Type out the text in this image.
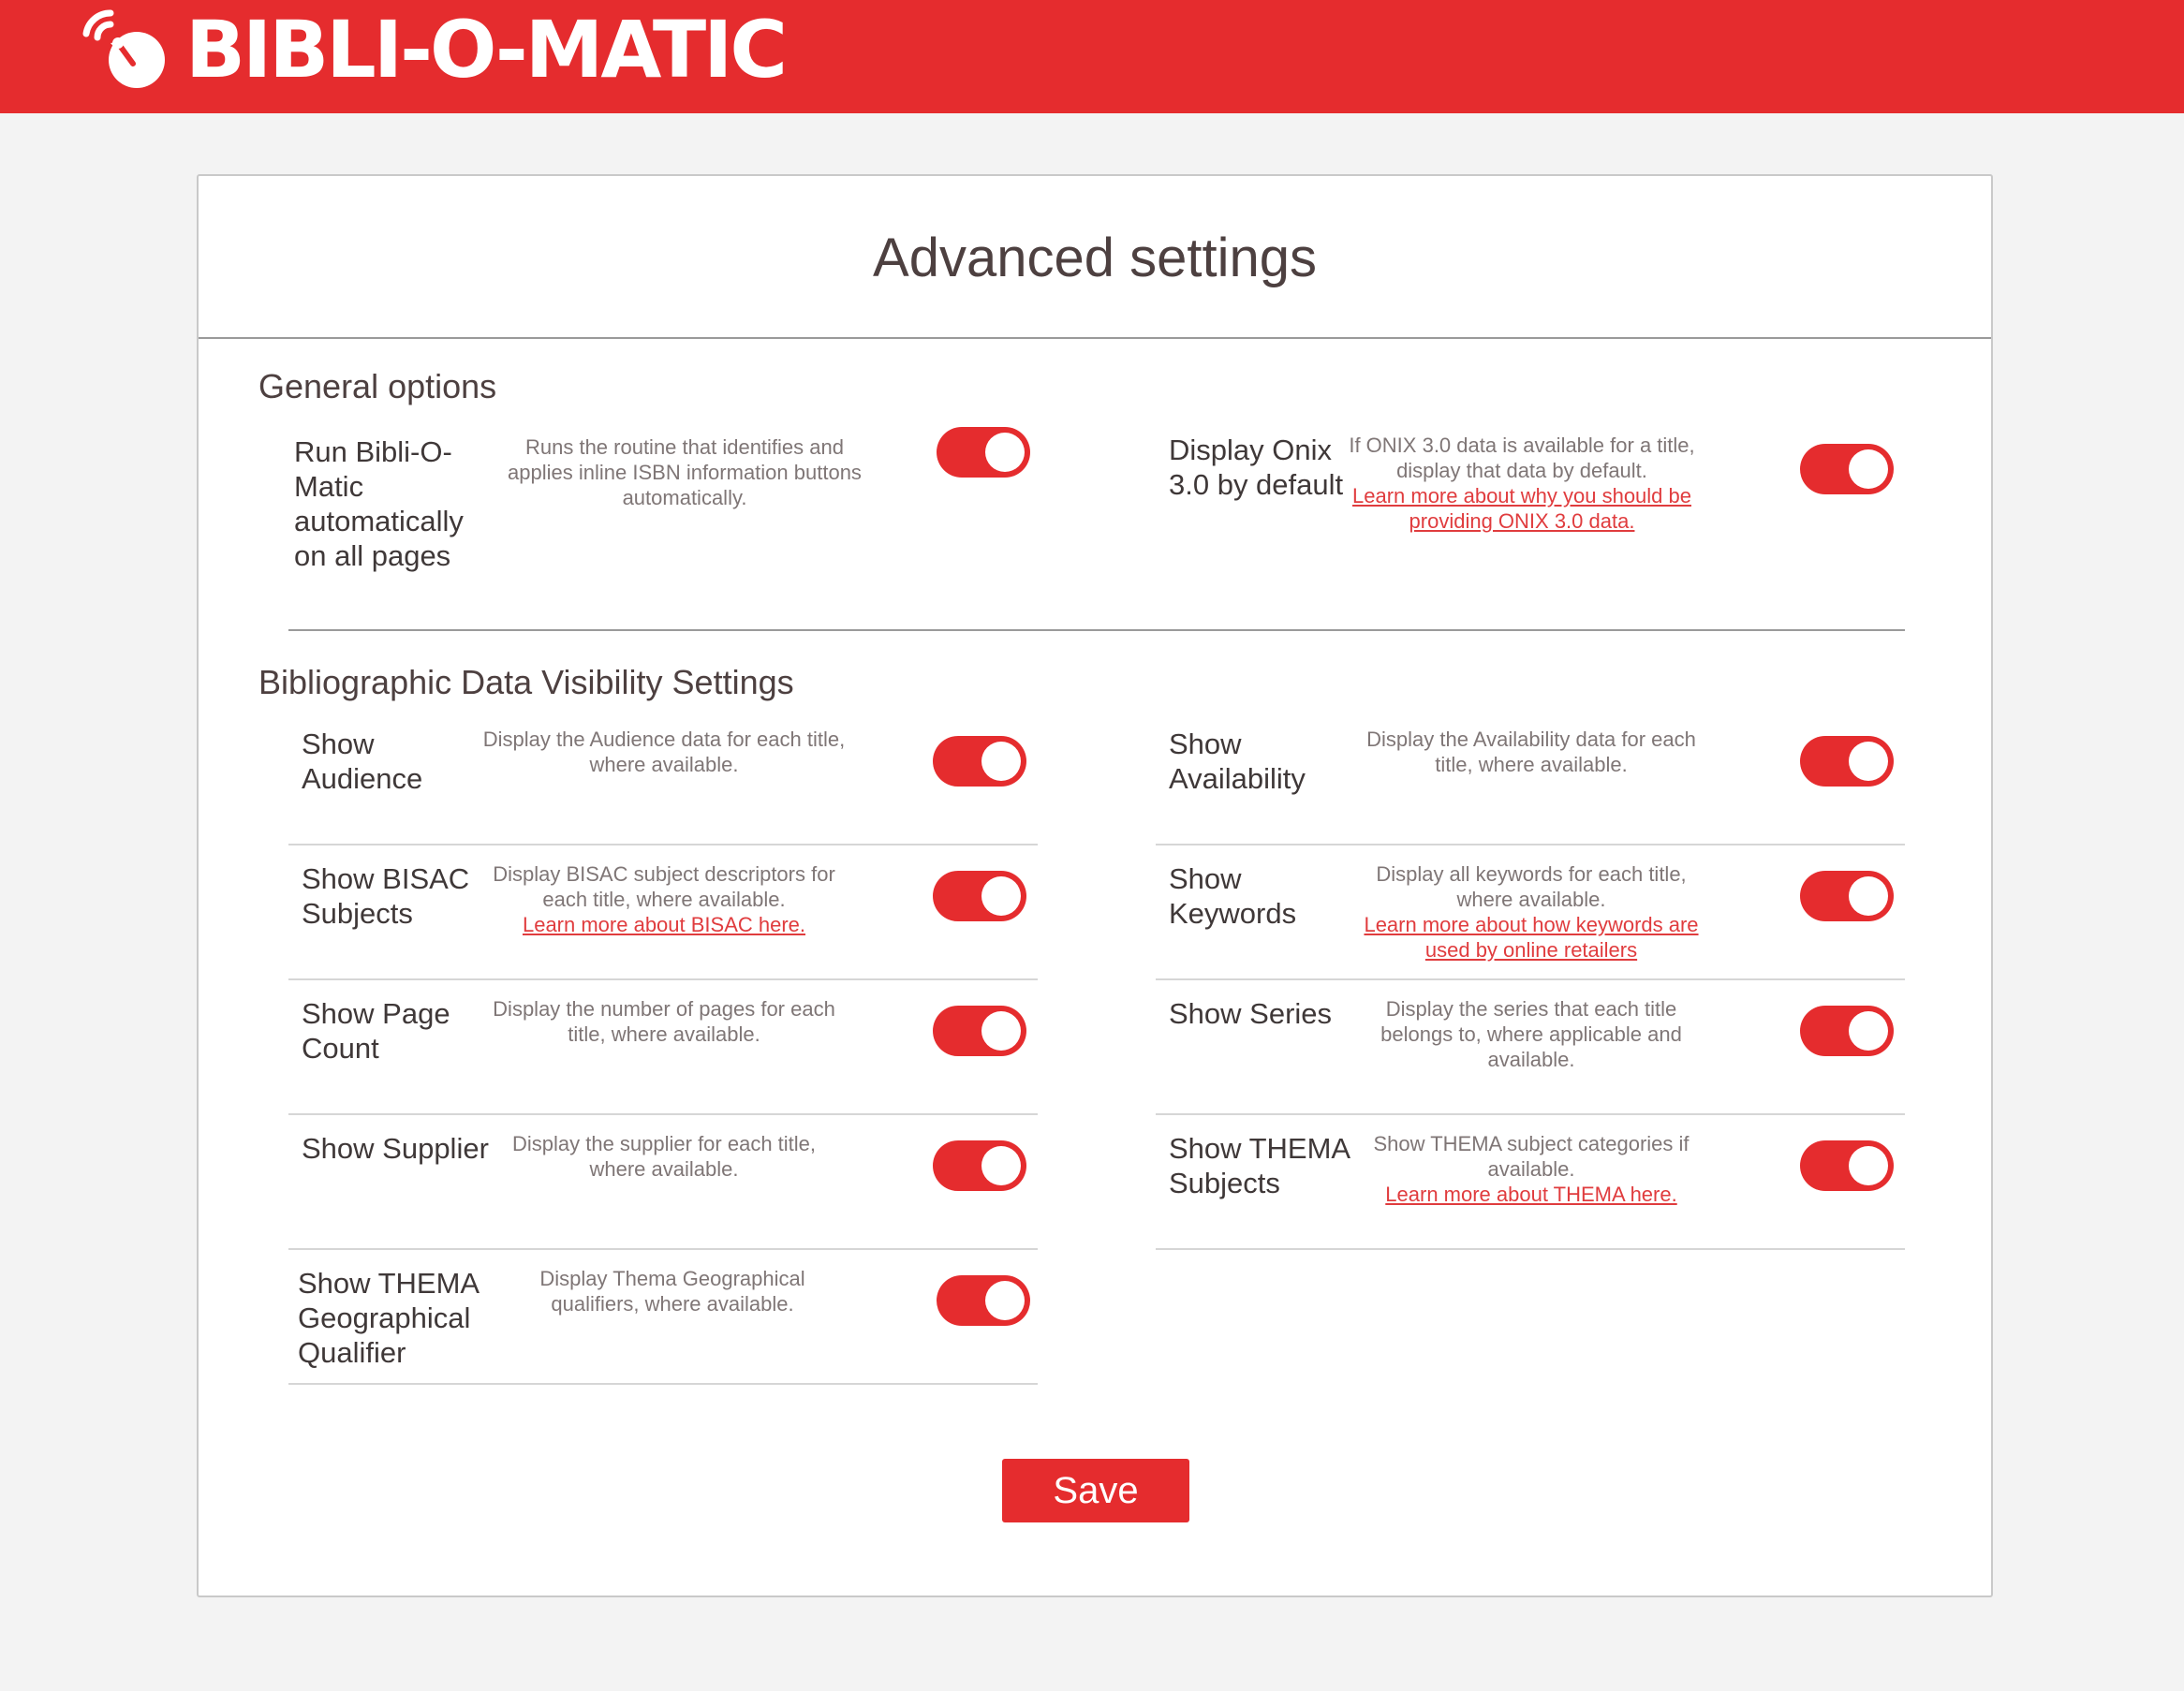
BIBLI-O-MATIC
Advanced settings
General options
Run Bibli-O-Matic automatically on all pages
Runs the routine that identifies and applies inline ISBN information buttons automatically.
Display Onix 3.0 by default
If ONIX 3.0 data is available for a title, display that data by default.
Learn more about why you should be providing ONIX 3.0 data.
Bibliographic Data Visibility Settings
Show Audience
Display the Audience data for each title, where available.
Show Availability
Display the Availability data for each title, where available.
Show BISAC Subjects
Display BISAC subject descriptors for each title, where available.
Learn more about BISAC here.
Show Keywords
Display all keywords for each title, where available.
Learn more about how keywords are used by online retailers
Show Page Count
Display the number of pages for each title, where available.
Show Series	Display the series that each title belongs to, where applicable and available.
Show Supplier	Display the supplier for each title, where available.
Show THEMA Subjects
Show THEMA subject categories if available.
Learn more about THEMA here.
Show THEMA Geographical Qualifier
Display Thema Geographical qualifiers, where available.
Save
